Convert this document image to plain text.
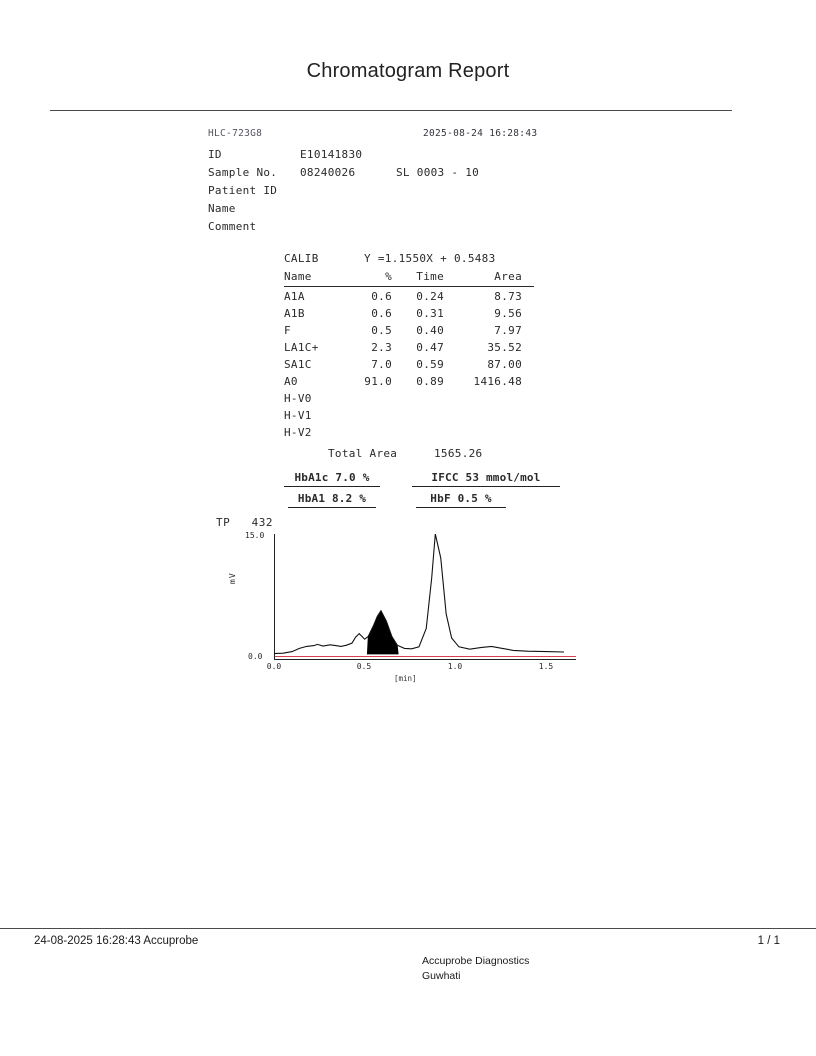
Chromatogram Report
HLC-723G8	2025-08-24 16:28:43
ID	E10141830
Sample No. 08240026	SL 0003 - 10
Patient ID
Name
Comment
CALIB	Y =1.1550X + 0.5483
Name	%	Time	Area
A1A	0.6	0.24	8.73
A1B	0.6	0.31	9.56
F	0.5	0.40	7.97
LA1C+	2.3	0.47	35.52
SA1C	7.0	0.59	87.00
A0	91.0	0.89	1416.48
H-V0
H-V1
H-V2
Total Area	1565.26
HbA1c 7.0 %	IFCC 53 mmol/mol
HbA1 8.2 %	HbF 0.5 %
TP 432
15.0
0.0
mV
0.0	0.5	1.0	1.5
[min]
24-08-2025 16:28:43 Accuprobe	1 / 1
Accuprobe Diagnostics
Guwhati
